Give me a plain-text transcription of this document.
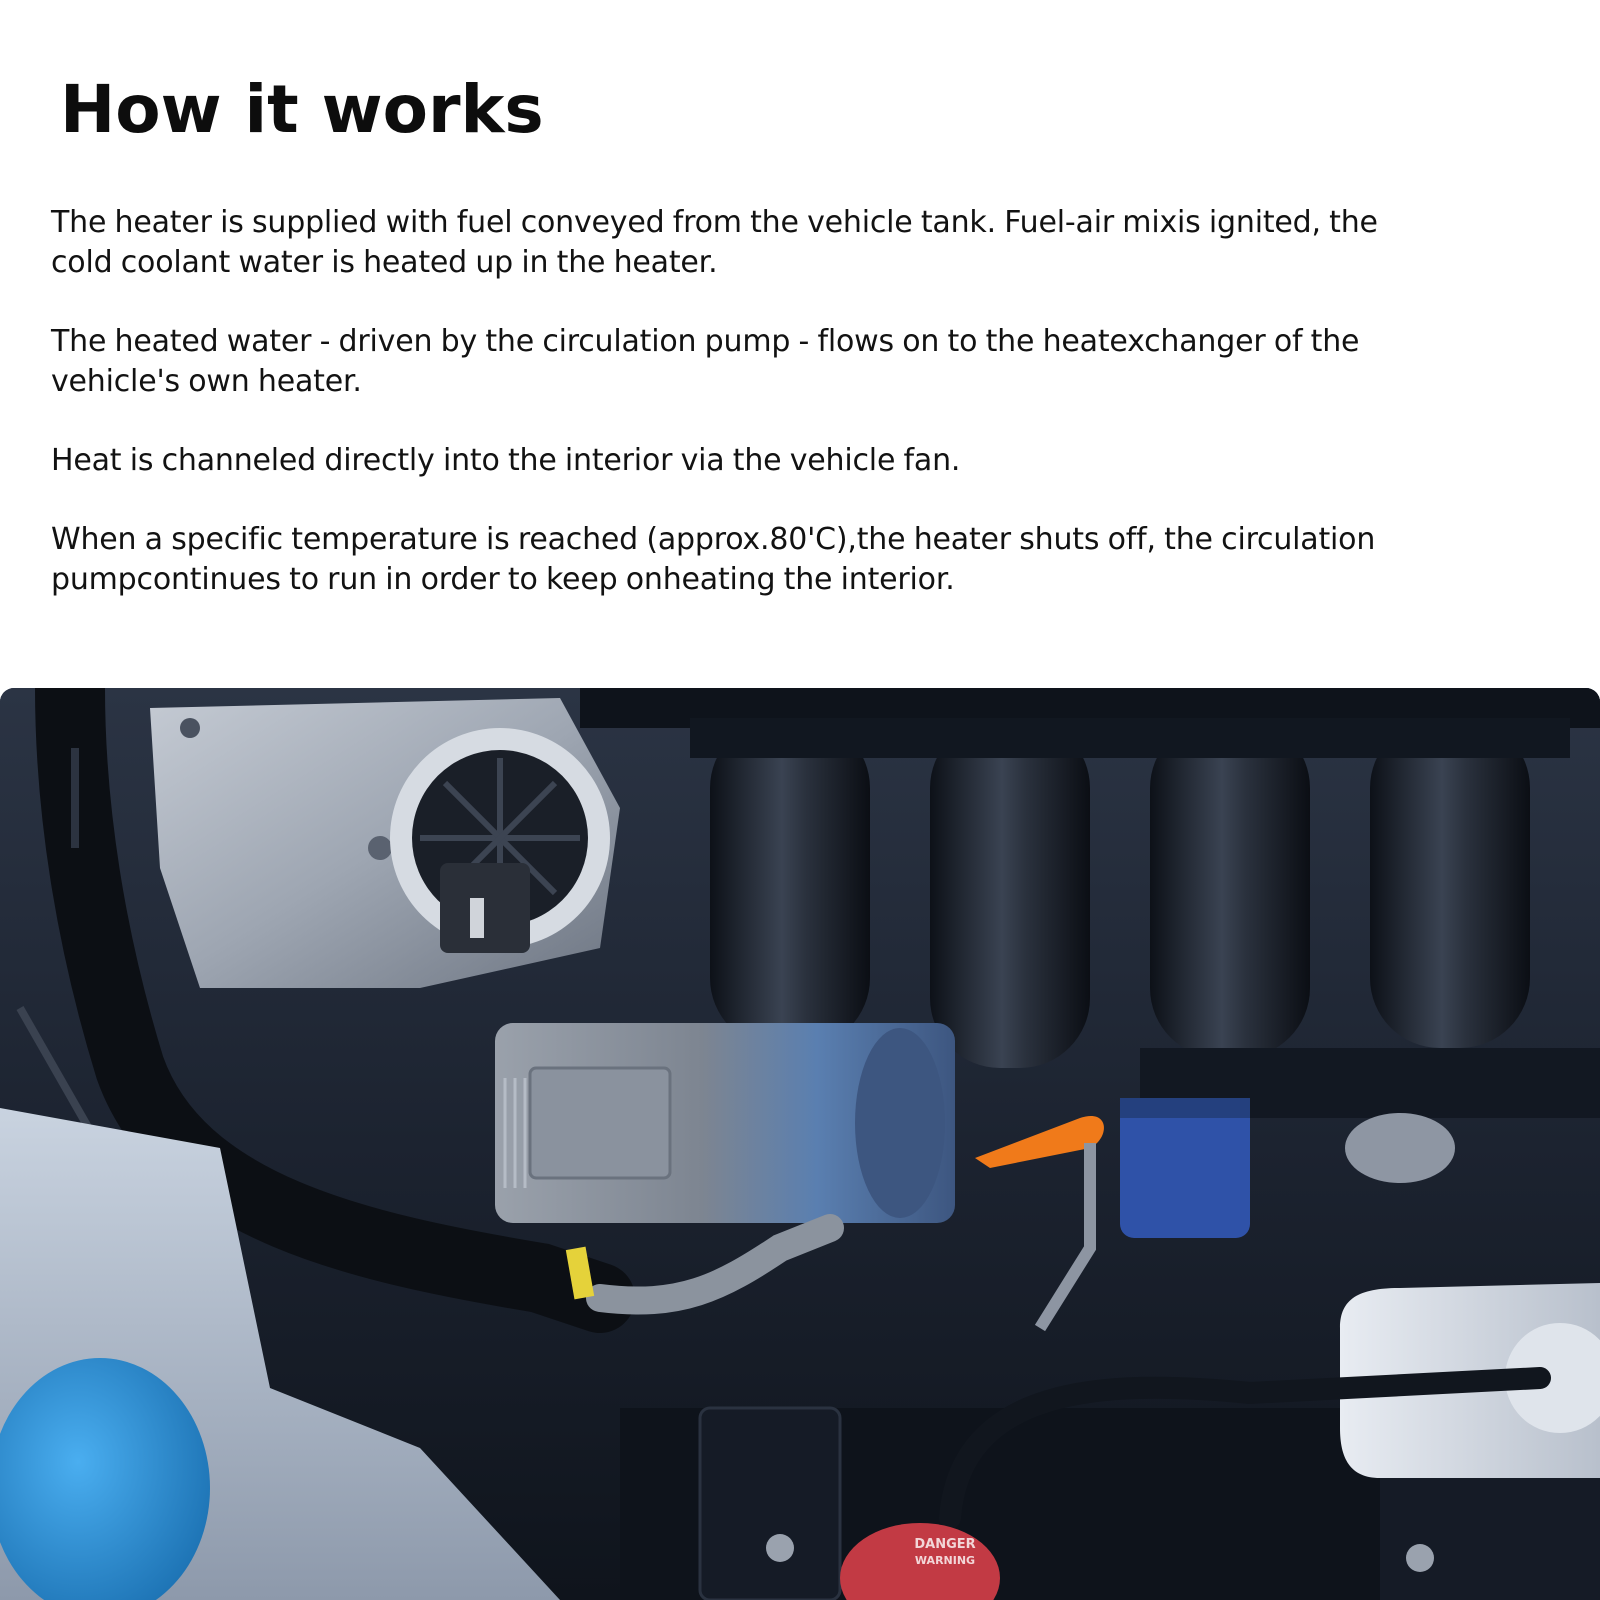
How it works

The heater is supplied with fuel conveyed from the vehicle tank. Fuel-air mixis ignited, the
cold coolant water is heated up in the heater.

The heated water - driven by the circulation pump - flows on to the heatexchanger of the
vehicle's own heater.

Heat is channeled directly into the interior via the vehicle fan.

When a specific temperature is reached (approx.80'C),the heater shuts off, the circulation
pumpcontinues to run in order to keep onheating the interior.

DANGER
WARNING
